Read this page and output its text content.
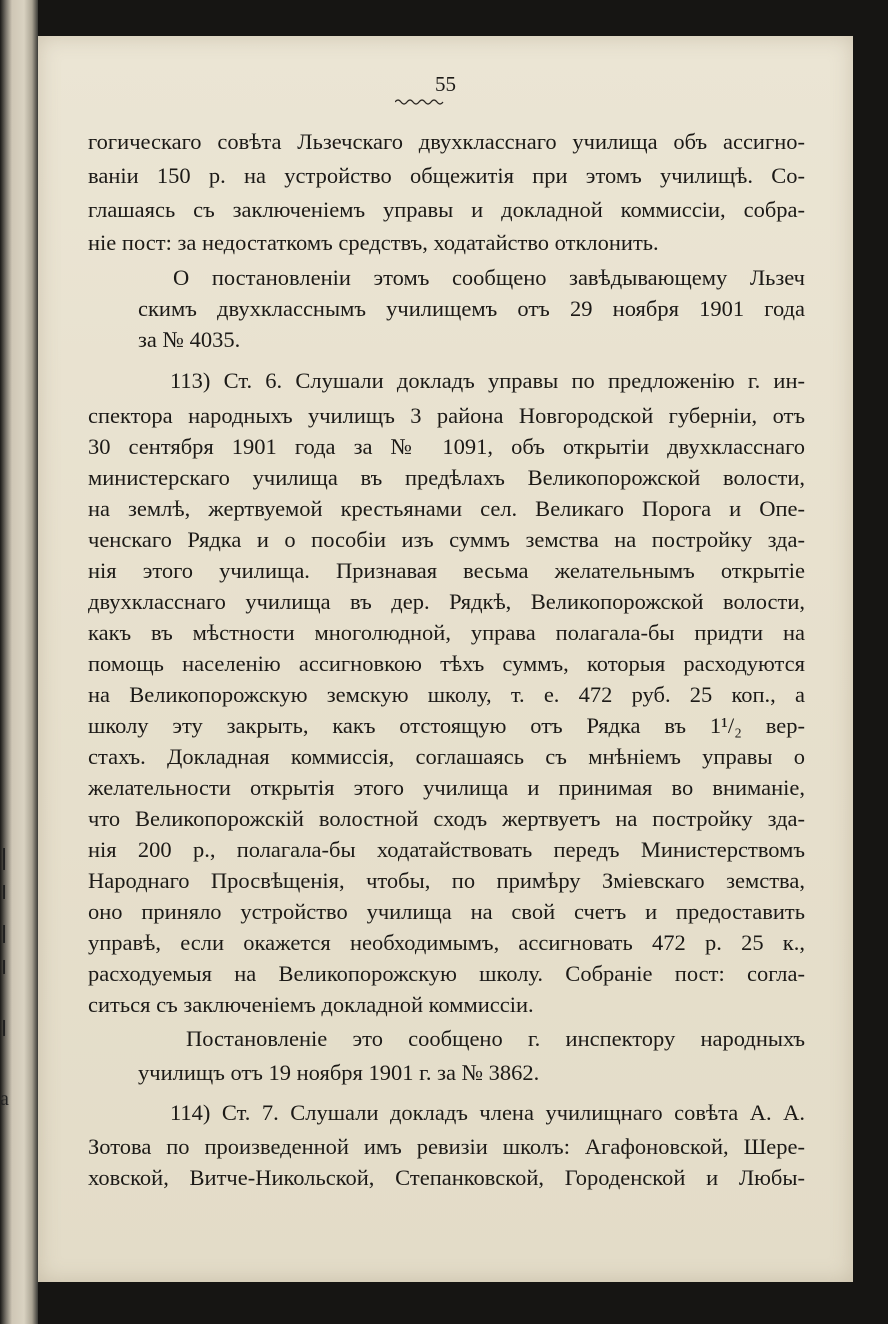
a
55
гогическаго совѣта Льзечскаго двухкласснаго училища объ ассигно-
ваніи 150 р. на устройство общежитія при этомъ училищѣ. Со-
глашаясь съ заключеніемъ управы и докладной коммиссіи, собра-
ніе пост: за недостаткомъ средствъ, ходатайство отклонить.
О постановленіи этомъ сообщено завѣдывающему Льзеч
скимъ двухкласснымъ училищемъ отъ 29 ноября 1901 года
за № 4035.
113) Ст. 6. Слушали докладъ управы по предложенію г. ин-
спектора народныхъ училищъ 3 района Новгородской губерніи, отъ
30 сентября 1901 года за № 1091, объ открытіи двухкласснаго
министерскаго училища въ предѣлахъ Великопорожской волости,
на землѣ, жертвуемой крестьянами сел. Великаго Порога и Опе-
ченскаго Рядка и о пособіи изъ суммъ земства на постройку зда-
нія этого училища. Признавая весьма желательнымъ открытіе
двухкласснаго училища въ дер. Рядкѣ, Великопорожской волости,
какъ въ мѣстности многолюдной, управа полагала-бы придти на
помощь населенію ассигновкою тѣхъ суммъ, которыя расходуются
на Великопорожскую земскую школу, т. е. 472 руб. 25 коп., а
школу эту закрыть, какъ отстоящую отъ Рядка въ 1¹/₂ вер-
стахъ. Докладная коммиссія, соглашаясь съ мнѣніемъ управы о
желательности открытія этого училища и принимая во вниманіе,
что Великопорожскій волостной сходъ жертвуетъ на постройку зда-
нія 200 р., полагала-бы ходатайствовать передъ Министерствомъ
Народнаго Просвѣщенія, чтобы, по примѣру Зміевскаго земства,
оно приняло устройство училища на свой счетъ и предоставить
управѣ, если окажется необходимымъ, ассигновать 472 р. 25 к.,
расходуемыя на Великопорожскую школу. Собраніе пост: согла-
ситься съ заключеніемъ докладной коммиссіи.
Постановленіе это сообщено г. инспектору народныхъ
училищъ отъ 19 ноября 1901 г. за № 3862.
114) Ст. 7. Слушали докладъ члена училищнаго совѣта А. А.
Зотова по произведенной имъ ревизіи школъ: Агафоновской, Шере-
ховской, Витче-Никольской, Степанковской, Городенской и Любы-
